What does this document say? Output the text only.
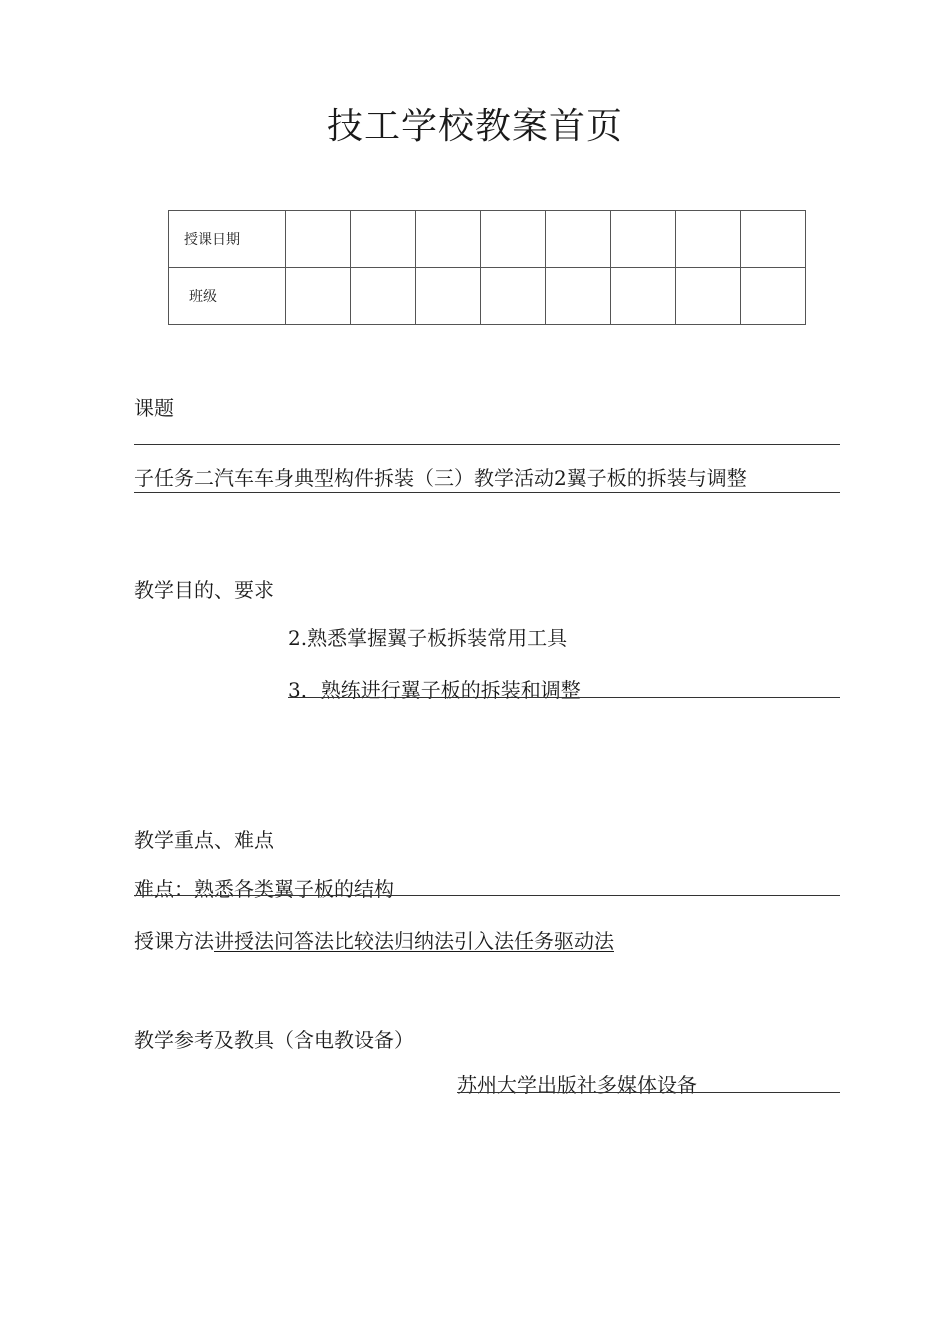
技工学校教案首页
授课日期								
班级								
课题
子任务二汽车车身典型构件拆装（三）教学活动2翼子板的拆装与调整
教学目的、要求
2.熟悉掌握翼子板拆装常用工具
3．熟练进行翼子板的拆装和调整
教学重点、难点
难点：熟悉各类翼子板的结构
授课方法讲授法问答法比较法归纳法引入法任务驱动法
教学参考及教具（含电教设备）
苏州大学出版社多媒体设备
